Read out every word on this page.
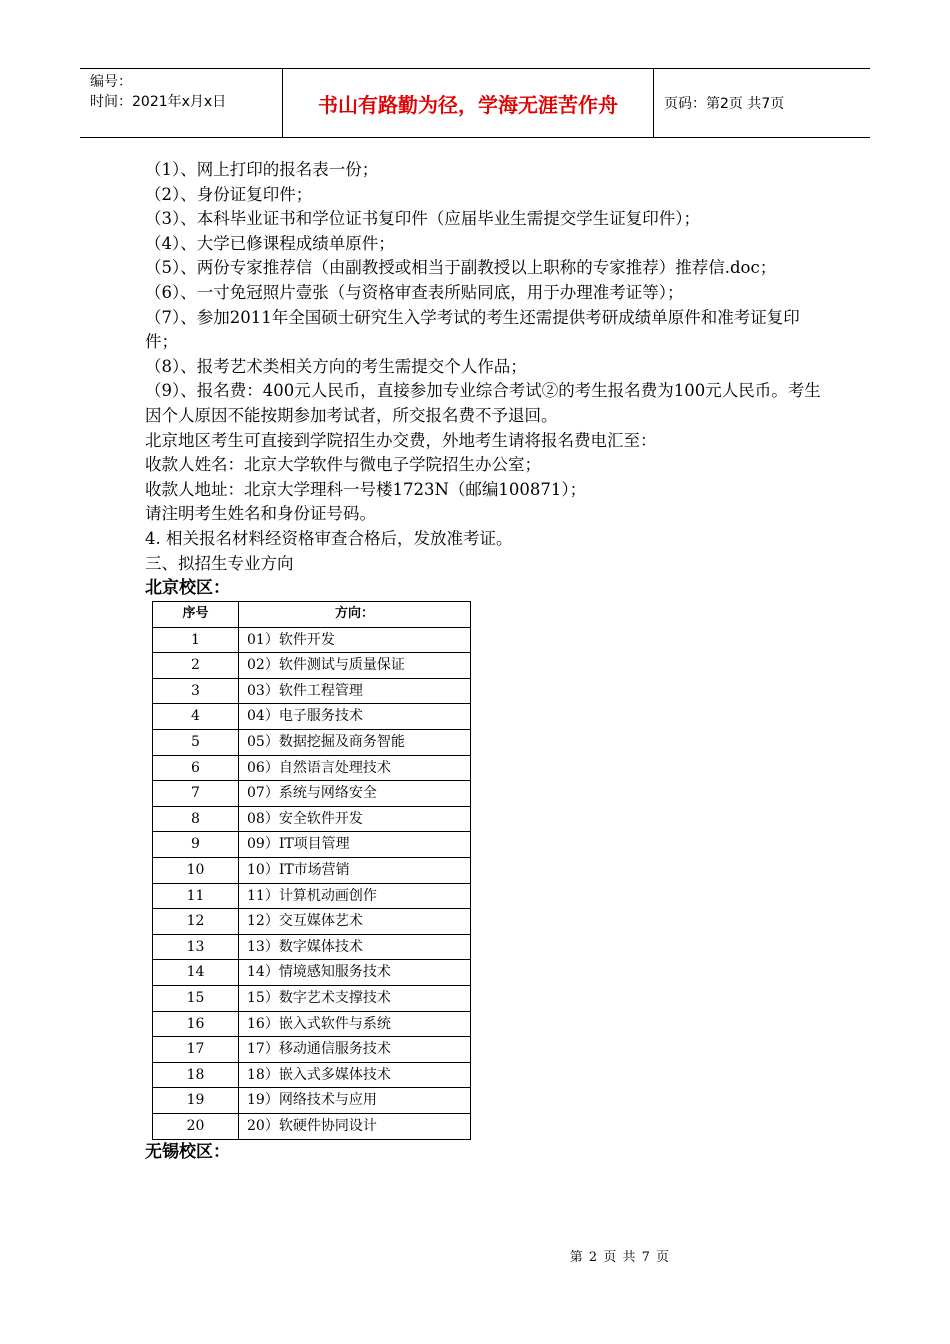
编号：
时间：2021年x月x日	书山有路勤为径，学海无涯苦作舟	页码：第2页 共7页

（1）、网上打印的报名表一份；

（2）、身份证复印件；

（3）、本科毕业证书和学位证书复印件（应届毕业生需提交学生证复印件）；

（4）、大学已修课程成绩单原件；

（5）、两份专家推荐信（由副教授或相当于副教授以上职称的专家推荐）推荐信.doc；

（6）、一寸免冠照片壹张（与资格审查表所贴同底，用于办理准考证等）；

（7）、参加2011年全国硕士研究生入学考试的考生还需提供考研成绩单原件和准考证复印件；

（8）、报考艺术类相关方向的考生需提交个人作品；

（9）、报名费：400元人民币，直接参加专业综合考试②的考生报名费为100元人民币。考生因个人原因不能按期参加考试者，所交报名费不予退回。

北京地区考生可直接到学院招生办交费，外地考生请将报名费电汇至：

收款人姓名：北京大学软件与微电子学院招生办公室；

收款人地址：北京大学理科一号楼1723N（邮编100871）；

请注明考生姓名和身份证号码。

4. 相关报名材料经资格审查合格后，发放准考证。

三、拟招生专业方向

北京校区：
序号	方向：
1	01）软件开发
2	02）软件测试与质量保证
3	03）软件工程管理
4	04）电子服务技术
5	05）数据挖掘及商务智能
6	06）自然语言处理技术
7	07）系统与网络安全
8	08）安全软件开发
9	09）IT项目管理
10	10）IT市场营销
11	11）计算机动画创作
12	12）交互媒体艺术
13	13）数字媒体技术
14	14）情境感知服务技术
15	15）数字艺术支撑技术
16	16）嵌入式软件与系统
17	17）移动通信服务技术
18	18）嵌入式多媒体技术
19	19）网络技术与应用
20	20）软硬件协同设计
无锡校区：
第 2 页 共 7 页
